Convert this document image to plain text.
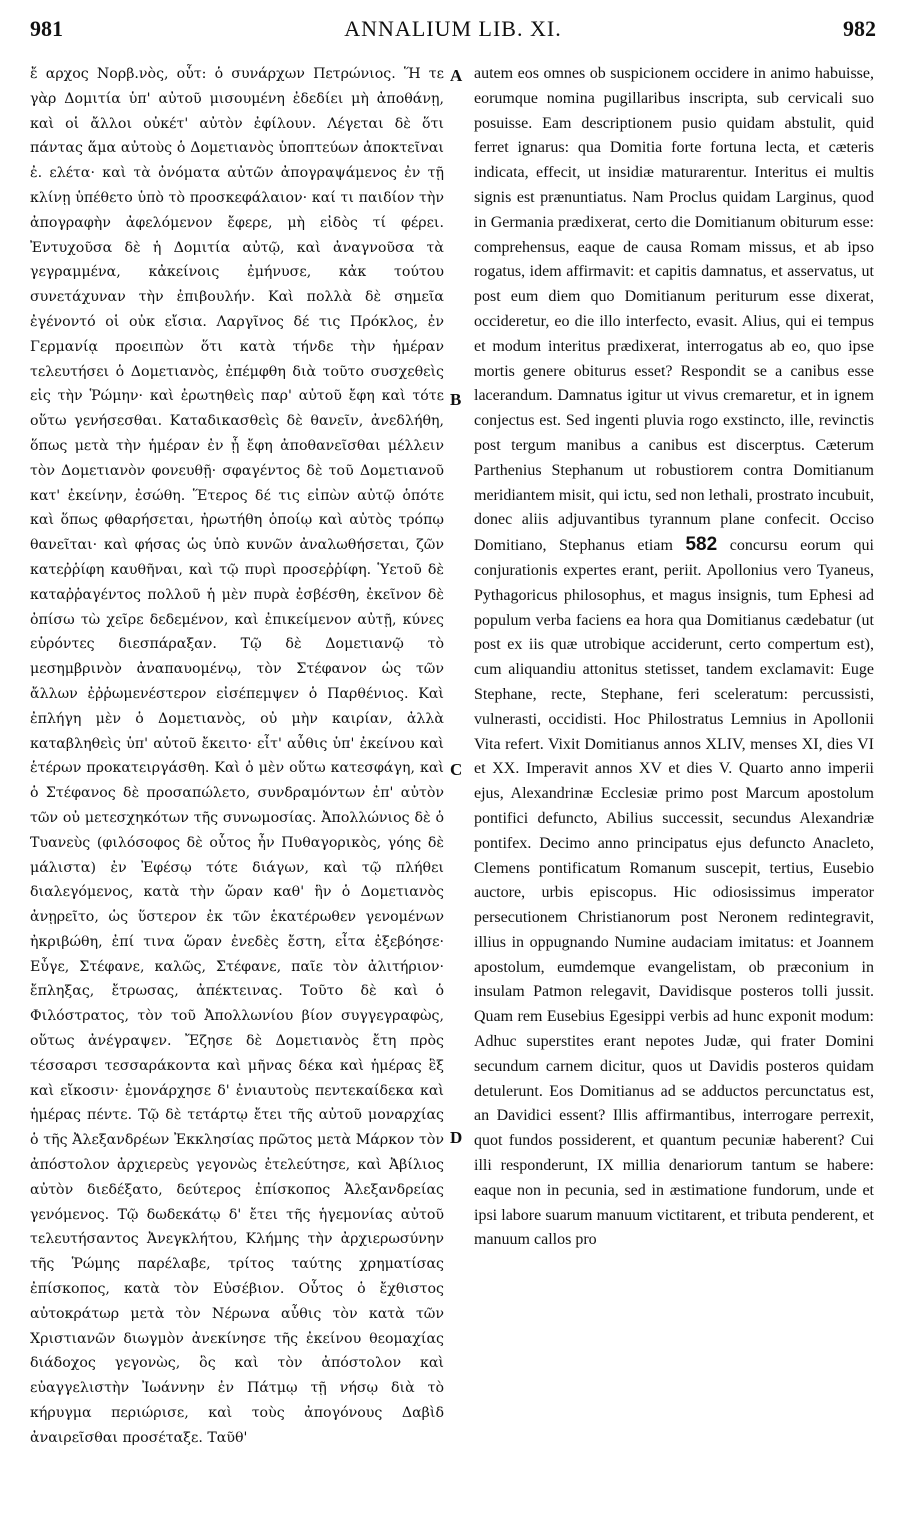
981	ANNALIUM LIB. XI.	982

ἔ αρχος Νορβ.νὸς, οὗτ: ὁ συνάρχων Πετρώνιος. Ἥ τε γὰρ Δομιτία ὑπ' αὐτοῦ μισουμένη ἐδεδίει μὴ ἀποθάνῃ, καὶ οἱ ἄλλοι οὐκέτ' αὐτὸν ἐφίλουν. Λέγεται δὲ ὅτι πάντας ἅμα αὐτοὺς ὁ Δομετιανὸς ὑποπτεύων ἀποκτεῖναι ἐ. ελέτα· καὶ τὰ ὀνόματα αὐτῶν ἀπογραψάμενος ἐν τῇ κλίνῃ ὑπέθετο ὑπὸ τὸ προσκεφάλαιον· καί τι παιδίον τὴν ἀπογραφὴν ἀφελόμενον ἔφερε, μὴ εἰδὸς τί φέρει. Ἐντυχοῦσα δὲ ἡ Δομιτία αὐτῷ, καὶ ἀναγνοῦσα τὰ γεγραμμένα, κἀκείνοις ἐμήνυσε, κἀκ τούτου συνετάχυναν τὴν ἐπιβουλήν. Καὶ πολλὰ δὲ σημεῖα ἐγένοντό οἱ οὐκ εἴσια. Λαργῖνος δέ τις Πρόκλος, ἐν Γερμανίᾳ προειπὼν ὅτι κατὰ τήνδε τὴν ἡμέραν τελευτήσει ὁ Δομετιανὸς, ἐπέμφθη διὰ τοῦτο συσχεθεὶς εἰς τὴν Ῥώμην· καὶ ἐρωτηθεὶς παρ' αὐτοῦ ἔφη καὶ τότε οὕτω γενήσεσθαι. Καταδικασθεὶς δὲ θανεῖν, ἀνεδλήθη, ὅπως μετὰ τὴν ἡμέραν ἐν ᾗ ἔφη ἀποθανεῖσθαι μέλλειν τὸν Δομετιανὸν φονευθῇ· σφαγέντος δὲ τοῦ Δομετιανοῦ κατ' ἐκείνην, ἐσώθη. Ἕτερος δέ τις εἰπὼν αὐτῷ ὁπότε καὶ ὅπως φθαρήσεται, ἠρωτήθη ὁποίῳ καὶ αὐτὸς τρόπῳ θανεῖται· καὶ φήσας ὡς ὑπὸ κυνῶν ἀναλωθήσεται, ζῶν κατεῤῥίφη καυθῆναι, καὶ τῷ πυρὶ προσεῤῥίφη. Ὑετοῦ δὲ καταῤῥαγέντος πολλοῦ ἡ μὲν πυρὰ ἐσβέσθη, ἐκεῖνον δὲ ὀπίσω τὼ χεῖρε δεδεμένον, καὶ ἐπικείμενον αὐτῇ, κύνες εὑρόντες διεσπάραξαν. Τῷ δὲ Δομετιανῷ τὸ μεσημβρινὸν ἀναπαυομένῳ, τὸν Στέφανον ὡς τῶν ἄλλων ἐῤῥωμενέστερον εἰσέπεμψεν ὁ Παρθένιος. Καὶ ἐπλήγη μὲν ὁ Δομετιανὸς, οὐ μὴν καιρίαν, ἀλλὰ καταβληθεὶς ὑπ' αὐτοῦ ἔκειτο· εἶτ' αὖθις ὑπ' ἐκείνου καὶ ἑτέρων προκατειργάσθη. Καὶ ὁ μὲν οὕτω κατεσφάγη, καὶ ὁ Στέφανος δὲ προσαπώλετο, συνδραμόντων ἐπ' αὐτὸν τῶν οὐ μετεσχηκότων τῆς συνωμοσίας. Ἀπολλώνιος δὲ ὁ Τυανεὺς (φιλόσοφος δὲ οὗτος ἦν Πυθαγορικὸς, γόης δὲ μάλιστα) ἐν Ἐφέσῳ τότε διάγων, καὶ τῷ πλήθει διαλεγόμενος, κατὰ τὴν ὥραν καθ' ἣν ὁ Δομετιανὸς ἀνῃρεῖτο, ὡς ὕστερον ἐκ τῶν ἑκατέρωθεν γενομένων ἠκριβώθη, ἐπί τινα ὥραν ἐνεδὲς ἔστη, εἶτα ἐξεβόησε· Εὖγε, Στέφανε, καλῶς, Στέφανε, παῖε τὸν ἀλιτήριον· ἔπληξας, ἔτρωσας, ἀπέκτεινας. Τοῦτο δὲ καὶ ὁ Φιλόστρατος, τὸν τοῦ Ἀπολλωνίου βίον συγγεγραφὼς, οὕτως ἀνέγραψεν. Ἔζησε δὲ Δομετιανὸς ἔτη πρὸς τέσσαρσι τεσσαράκοντα καὶ μῆνας δέκα καὶ ἡμέρας ἓξ καὶ εἴκοσιν· ἐμονάρχησε δ' ἐνιαυτοὺς πεντεκαίδεκα καὶ ἡμέρας πέντε. Τῷ δὲ τετάρτῳ ἔτει τῆς αὐτοῦ μοναρχίας ὁ τῆς Ἀλεξανδρέων Ἐκκλησίας πρῶτος μετὰ Μάρκον τὸν ἀπόστολον ἀρχιερεὺς γεγονὼς ἐτελεύτησε, καὶ Ἀβίλιος αὐτὸν διεδέξατο, δεύτερος ἐπίσκοπος Ἀλεξανδρείας γενόμενος. Τῷ δωδεκάτῳ δ' ἔτει τῆς ἡγεμονίας αὐτοῦ τελευτήσαντος Ἀνεγκλήτου, Κλήμης τὴν ἀρχιερωσύνην τῆς Ῥώμης παρέλαβε, τρίτος ταύτης χρηματίσας ἐπίσκοπος, κατὰ τὸν Εὐσέβιον. Οὗτος ὁ ἔχθιστος αὐτοκράτωρ μετὰ τὸν Νέρωνα αὖθις τὸν κατὰ τῶν Χριστιανῶν διωγμὸν ἀνεκίνησε τῆς ἐκείνου θεομαχίας διάδοχος γεγονὼς, ὃς καὶ τὸν ἀπόστολον καὶ εὐαγγελιστὴν Ἰωάννην ἐν Πάτμῳ τῇ νήσῳ διὰ τὸ κήρυγμα περιώρισε, καὶ τοὺς ἀπογόνους Δαβὶδ ἀναιρεῖσθαι προσέταξε. Ταῦθ'

A
B
C
D

autem eos omnes ob suspicionem occidere in animo habuisse, eorumque nomina pugillaribus inscripta, sub cervicali suo posuisse. Eam descriptionem pusio quidam abstulit, quid ferret ignarus: qua Domitia forte fortuna lecta, et cæteris indicata, effecit, ut insidiæ maturarentur. Interitus ei multis signis est prænuntiatus. Nam Proclus quidam Larginus, quod in Germania prædixerat, certo die Domitianum obiturum esse: comprehensus, eaque de causa Romam missus, et ab ipso rogatus, idem affirmavit: et capitis damnatus, et asservatus, ut post eum diem quo Domitianum periturum esse dixerat, occideretur, eo die illo interfecto, evasit. Alius, qui ei tempus et modum interitus prædixerat, interrogatus ab eo, quo ipse mortis genere obiturus esset? Respondit se a canibus esse lacerandum. Damnatus igitur ut vivus cremaretur, et in ignem conjectus est. Sed ingenti pluvia rogo exstincto, ille, revinctis post tergum manibus a canibus est discerptus. Cæterum Parthenius Stephanum ut robustiorem contra Domitianum meridiantem misit, qui ictu, sed non lethali, prostrato incubuit, donec aliis adjuvantibus tyrannum plane confecit. Occiso Domitiano, Stephanus etiam 582 concursu eorum qui conjurationis expertes erant, periit. Apollonius vero Tyaneus, Pythagoricus philosophus, et magus insignis, tum Ephesi ad populum verba faciens ea hora qua Domitianus cædebatur (ut post ex iis quæ utrobique acciderunt, certo compertum est), cum aliquandiu attonitus stetisset, tandem exclamavit: Euge Stephane, recte, Stephane, feri sceleratum: percussisti, vulnerasti, occidisti. Hoc Philostratus Lemnius in Apollonii Vita refert. Vixit Domitianus annos XLIV, menses XI, dies VI et XX. Imperavit annos XV et dies V. Quarto anno imperii ejus, Alexandrinæ Ecclesiæ primo post Marcum apostolum pontifici defuncto, Abilius successit, secundus Alexandriæ pontifex. Decimo anno principatus ejus defuncto Anacleto, Clemens pontificatum Romanum suscepit, tertius, Eusebio auctore, urbis episcopus. Hic odiosissimus imperator persecutionem Christianorum post Neronem redintegravit, illius in oppugnando Numine audaciam imitatus: et Joannem apostolum, eumdemque evangelistam, ob præconium in insulam Patmon relegavit, Davidisque posteros tolli jussit. Quam rem Eusebius Egesippi verbis ad hunc exponit modum: Adhuc superstites erant nepotes Judæ, qui frater Domini secundum carnem dicitur, quos ut Davidis posteros quidam detulerunt. Eos Domitianus ad se adductos percunctatus est, an Davidici essent? Illis affirmantibus, interrogare perrexit, quot fundos possiderent, et quantum pecuniæ haberent? Cui illi responderunt, IX millia denariorum tantum se habere: eaque non in pecunia, sed in æstimatione fundorum, unde et ipsi labore suarum manuum victitarent, et tributa penderent, et manuum callos pro
